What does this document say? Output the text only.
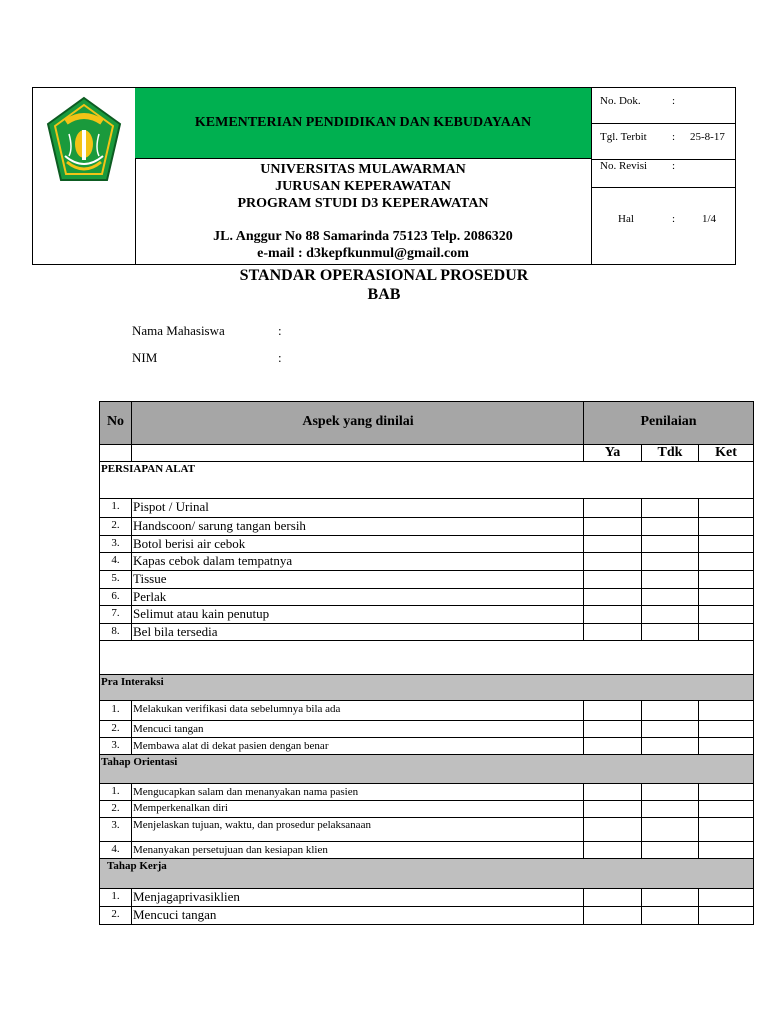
KEMENTERIAN PENDIDIKAN DAN KEBUDAYAAN
UNIVERSITAS MULAWARMAN
JURUSAN KEPERAWATAN
PROGRAM STUDI D3 KEPERAWATAN
JL. Anggur No 88 Samarinda 75123 Telp. 2086320
e-mail : d3kepfkunmul@gmail.com
No. Dok.	:
Tgl. Terbit : 25-8-17
No. Revisi :
Hal	: 1/4
STANDAR OPERASIONAL PROSEDUR
BAB
Nama Mahasiswa	:
NIM	:
No	Aspek yang dinilai	Penilaian
Ya	Tdk	Ket
PERSIAPAN ALAT
1.	Pispot / Urinal
2.	Handscoon/ sarung tangan bersih
3.	Botol berisi air cebok
4.	Kapas cebok dalam tempatnya
5.	Tissue
6.	Perlak
7.	Selimut atau kain penutup
8.	Bel bila tersedia
Pra Interaksi
1.	Melakukan verifikasi data sebelumnya bila ada
2.	Mencuci tangan
3.	Membawa alat di dekat pasien dengan benar
Tahap Orientasi
1.	Mengucapkan salam dan menanyakan nama pasien
2.	Memperkenalkan diri
3.	Menjelaskan tujuan, waktu, dan prosedur pelaksanaan
4.	Menanyakan persetujuan dan kesiapan klien
Tahap Kerja
1.	Menjagaprivasiklien
2.	Mencuci tangan
